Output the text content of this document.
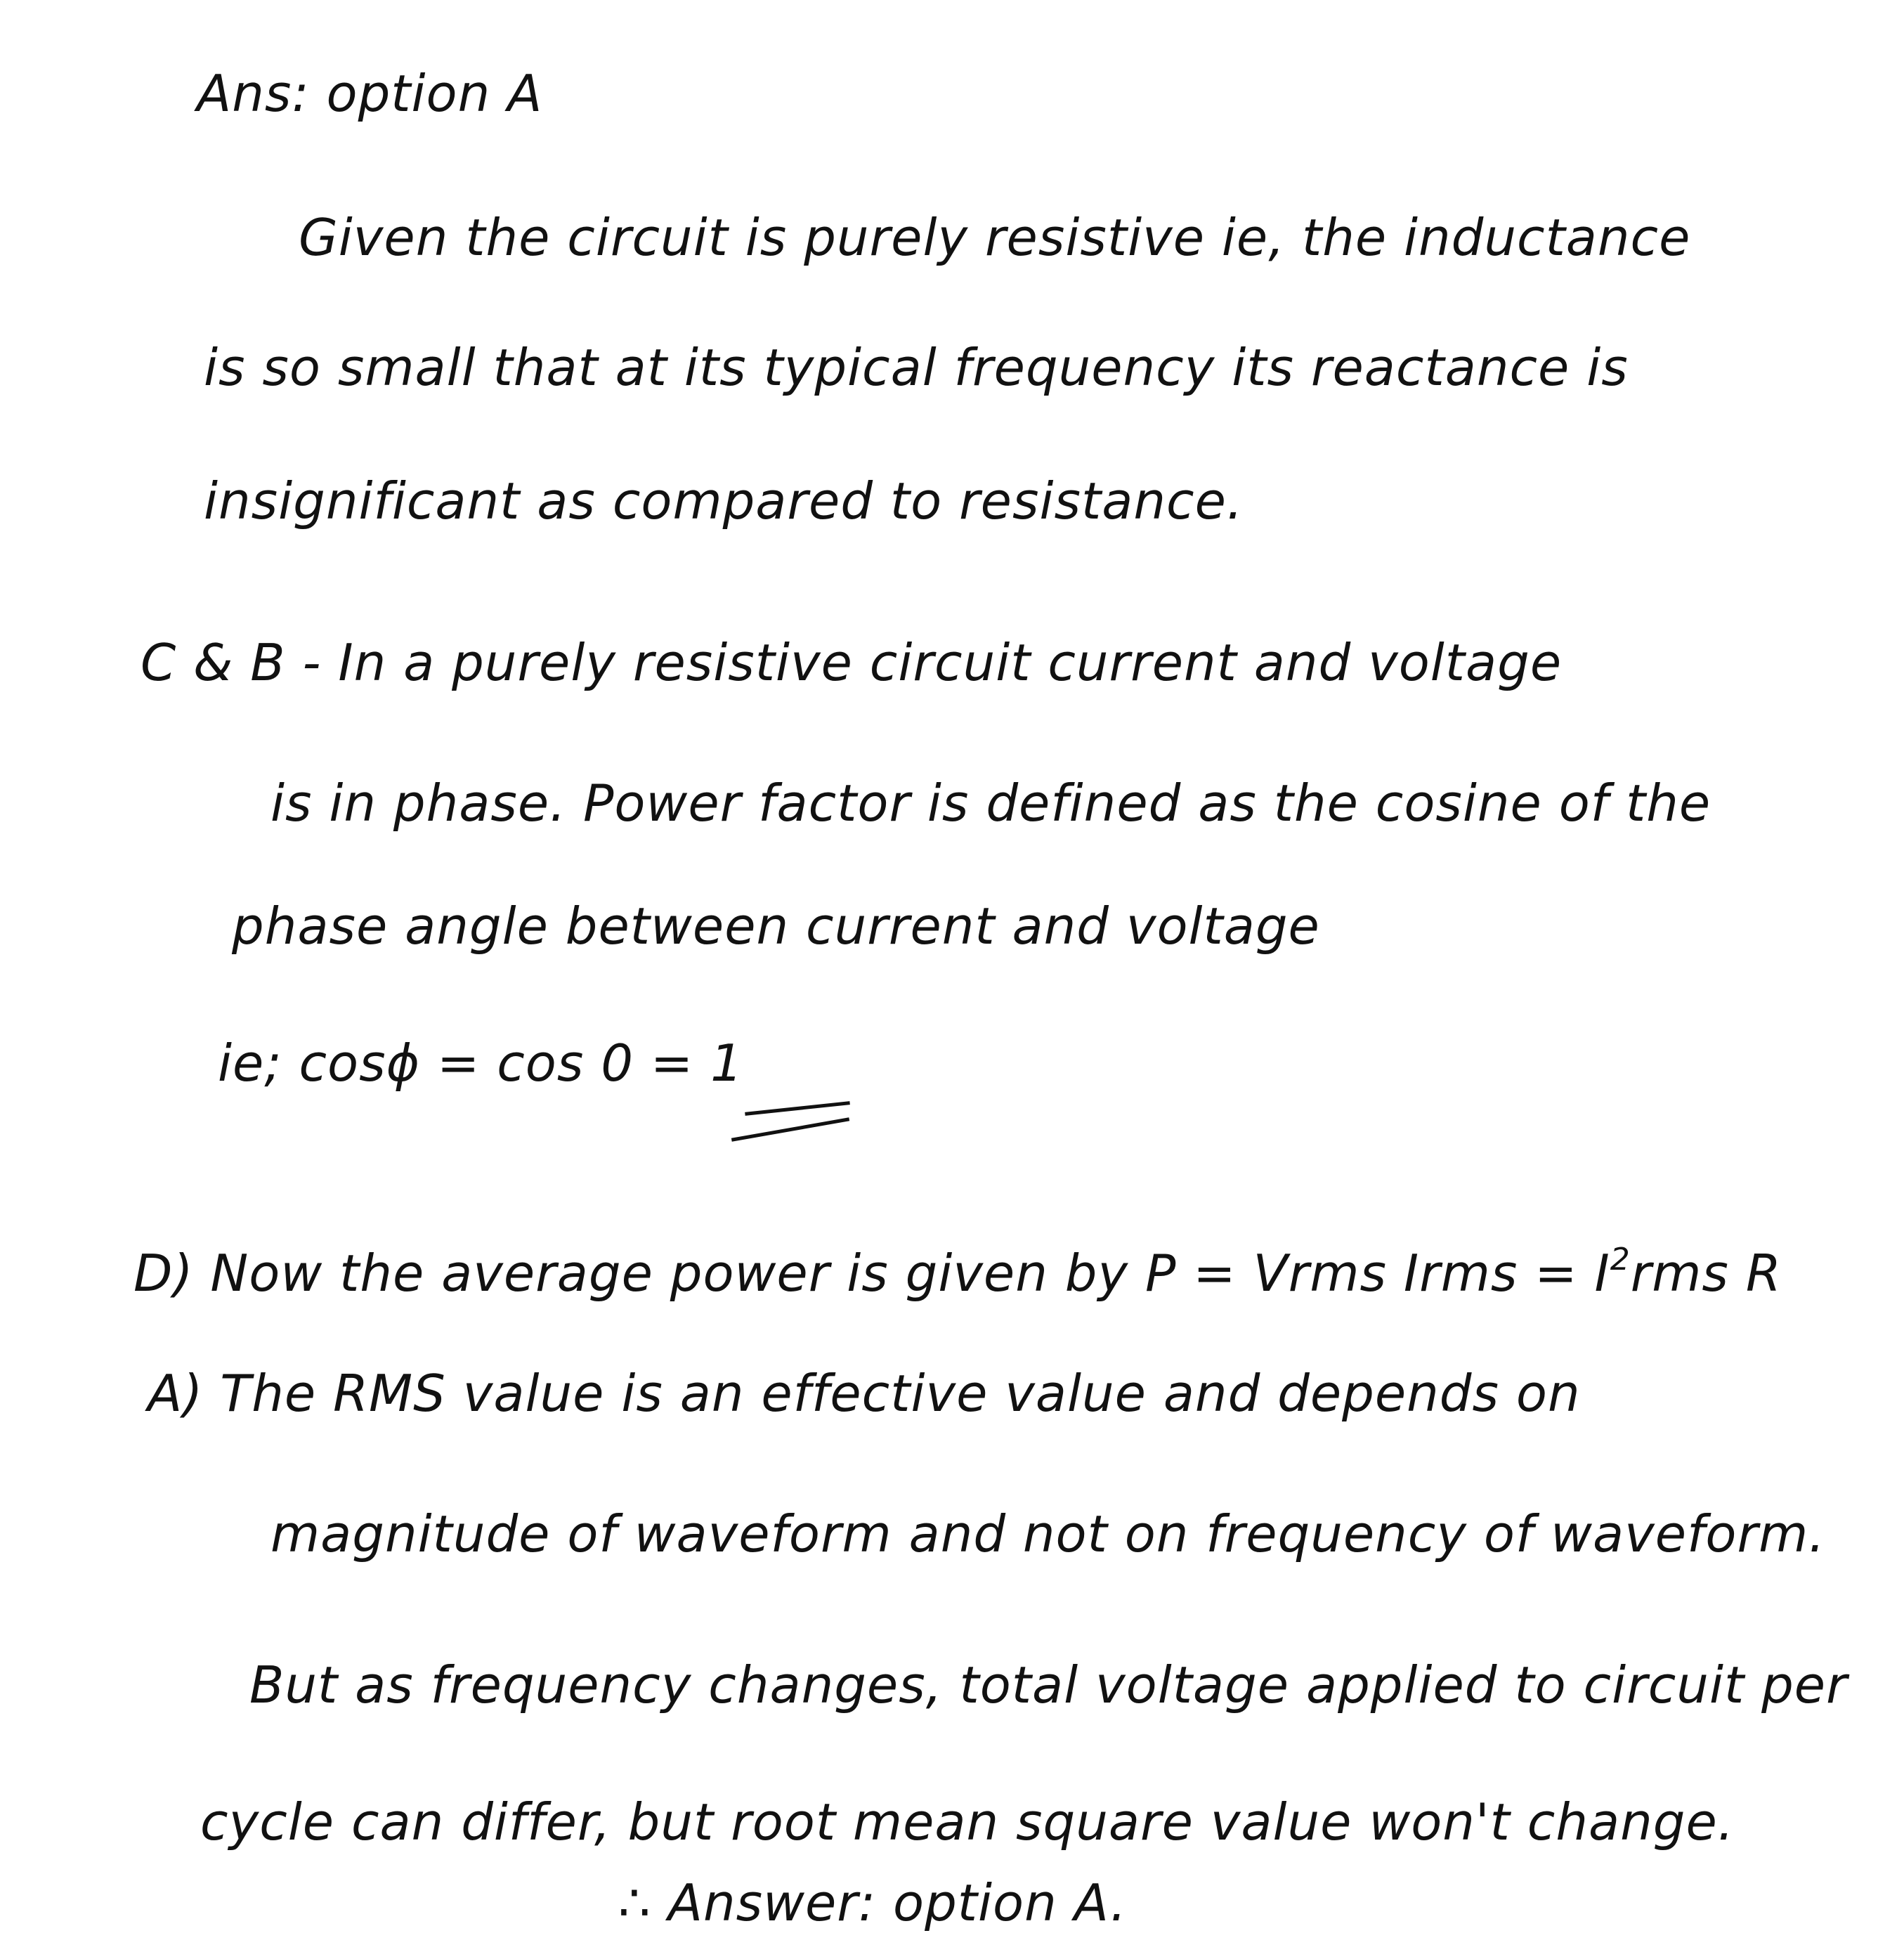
Ans: option A
Given the circuit is purely resistive ie, the inductance
is so small that at its typical frequency its reactance is
insignificant as compared to resistance.
C & B - In a purely resistive circuit current and voltage
is in phase. Power factor is defined as the cosine of the
phase angle between current and voltage
ie; cosϕ = cos 0 = 1
D) Now the average power is given by P = Vrms Irms = $I^2rms$ R
A) The RMS value is an effective value and depends on
magnitude of waveform and not on frequency of waveform.
But as frequency changes, total voltage applied to circuit per
cycle can differ, but root mean square value won't change.
∴ Answer: option A.
